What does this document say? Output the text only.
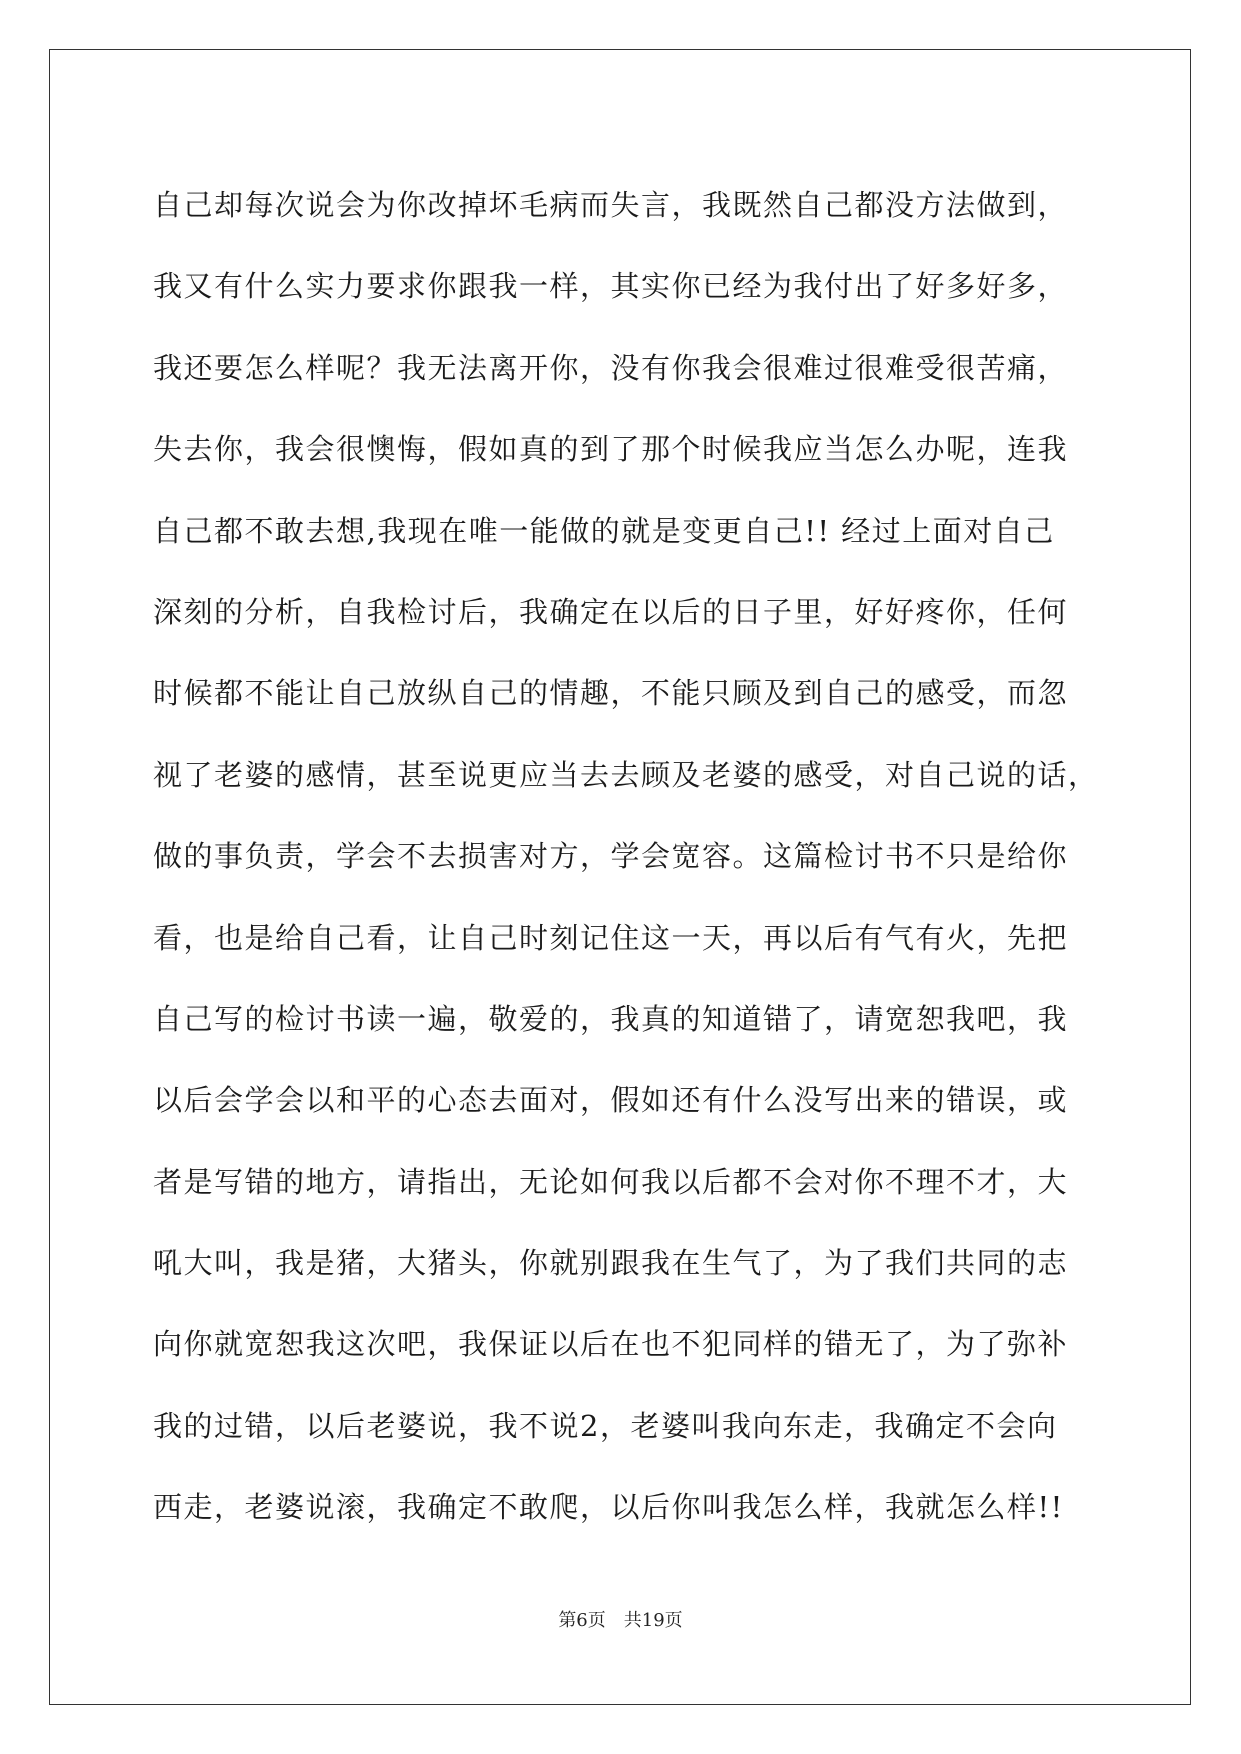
自己却每次说会为你改掉坏毛病而失言，我既然自己都没方法做到，
我又有什么实力要求你跟我一样，其实你已经为我付出了好多好多，
我还要怎么样呢？我无法离开你，没有你我会很难过很难受很苦痛，
失去你，我会很懊悔，假如真的到了那个时候我应当怎么办呢，连我
自己都不敢去想,我现在唯一能做的就是变更自己!! 经过上面对自己
深刻的分析，自我检讨后，我确定在以后的日子里，好好疼你，任何
时候都不能让自己放纵自己的情趣，不能只顾及到自己的感受，而忽
视了老婆的感情，甚至说更应当去去顾及老婆的感受，对自己说的话，
做的事负责，学会不去损害对方，学会宽容。这篇检讨书不只是给你
看，也是给自己看，让自己时刻记住这一天，再以后有气有火，先把
自己写的检讨书读一遍，敬爱的，我真的知道错了，请宽恕我吧，我
以后会学会以和平的心态去面对，假如还有什么没写出来的错误，或
者是写错的地方，请指出，无论如何我以后都不会对你不理不才，大
吼大叫，我是猪，大猪头，你就别跟我在生气了，为了我们共同的志
向你就宽恕我这次吧，我保证以后在也不犯同样的错无了，为了弥补
我的过错，以后老婆说，我不说2，老婆叫我向东走，我确定不会向
西走，老婆说滚，我确定不敢爬，以后你叫我怎么样，我就怎么样!!
第6页 共19页
